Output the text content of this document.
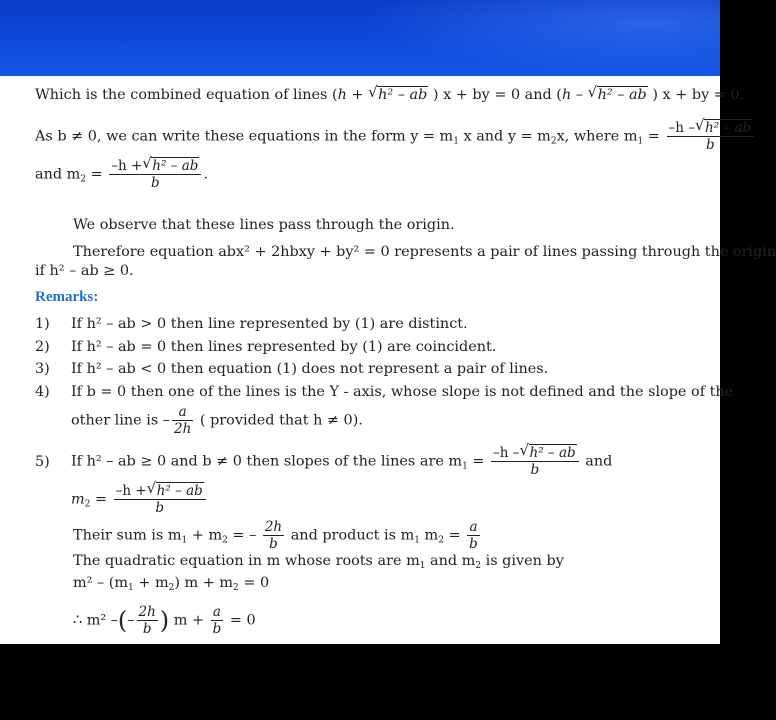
Which is the combined equation of lines (h + √ h² – ab ) x + by = 0 and (h – √ h² – ab ) x + by = 0.
As b ≠ 0, we can write these equations in the form $y = m_1$ x and $y = m_2x$, where $m_1 = \frac{\text{–h – √ h² – ab}}{b}$
and $m_2 = \frac{\text{–h + √ h² – ab}}{b}$ .
We observe that these lines pass through the origin.
Therefore equation abx² + 2hbxy + by² = 0 represents a pair of lines passing through the origin
if h² – ab ≥ 0.
Remarks:
1) If h² – ab > 0 then line represented by (1) are distinct.
2) If h² – ab = 0 then lines represented by (1) are coincident.
3) If h² – ab < 0 then equation (1) does not represent a pair of lines.
4) If b = 0 then one of the lines is the Y - axis, whose slope is not defined and the slope of the
other line is – $\frac{a}{2h}$ ( provided that h ≠ 0).
5) If h² – ab ≥ 0 and b ≠ 0 then slopes of the lines are $m_1 = \frac{\text{–h – √ h² – ab}}{b}$ and
$m_2 = \frac{\text{–h + √ h² – ab}}{b}$
Their sum is $m_1 + m_2$ = – $\frac{2h}{b}$ and product is $m_1$ $m_2 = \frac{a}{b}$
The quadratic equation in m whose roots are $m_1$ and $m_2$ is given by
$m^2 - (m_1 + m_2) m + m_2 = 0$
∴ m² –(– $\frac{2h}{b}$ ) $m + \frac{a}{b} = 0$
